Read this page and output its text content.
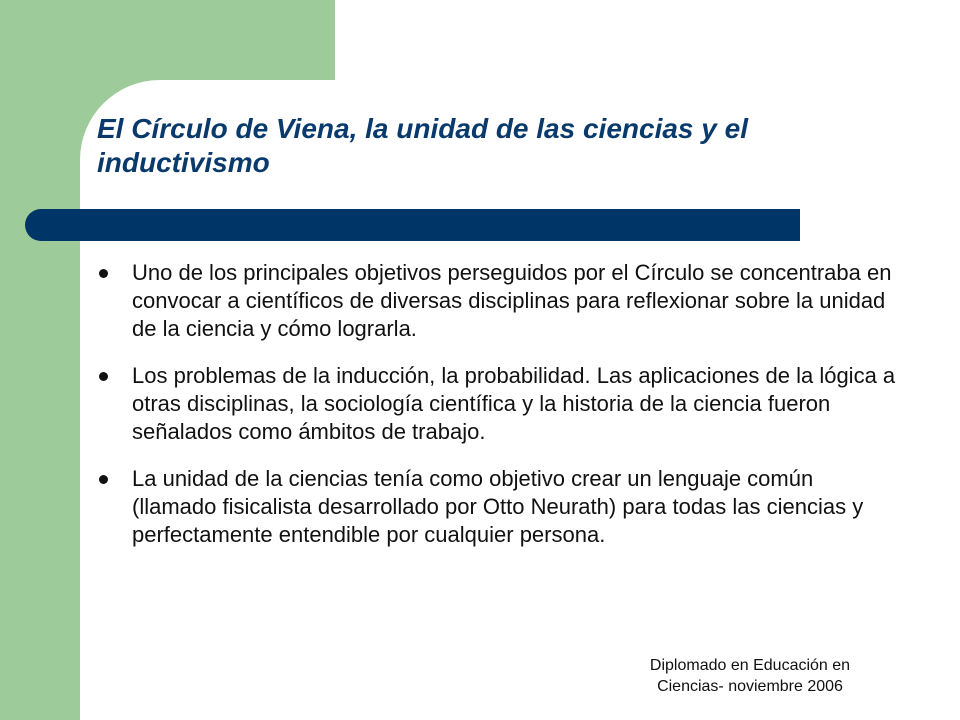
El Círculo de Viena, la unidad de las ciencias y el inductivismo
Uno de los principales objetivos perseguidos por el Círculo se concentraba en convocar a científicos de diversas disciplinas para reflexionar sobre la unidad de la ciencia y cómo lograrla.
Los problemas de la inducción, la probabilidad. Las aplicaciones de la lógica a otras disciplinas, la sociología científica y la historia de la ciencia fueron señalados como ámbitos de trabajo.
La unidad de la ciencias tenía como objetivo crear un lenguaje común (llamado fisicalista desarrollado por Otto Neurath) para todas las ciencias y perfectamente entendible por cualquier persona.
Diplomado en Educación en
Ciencias- noviembre 2006
